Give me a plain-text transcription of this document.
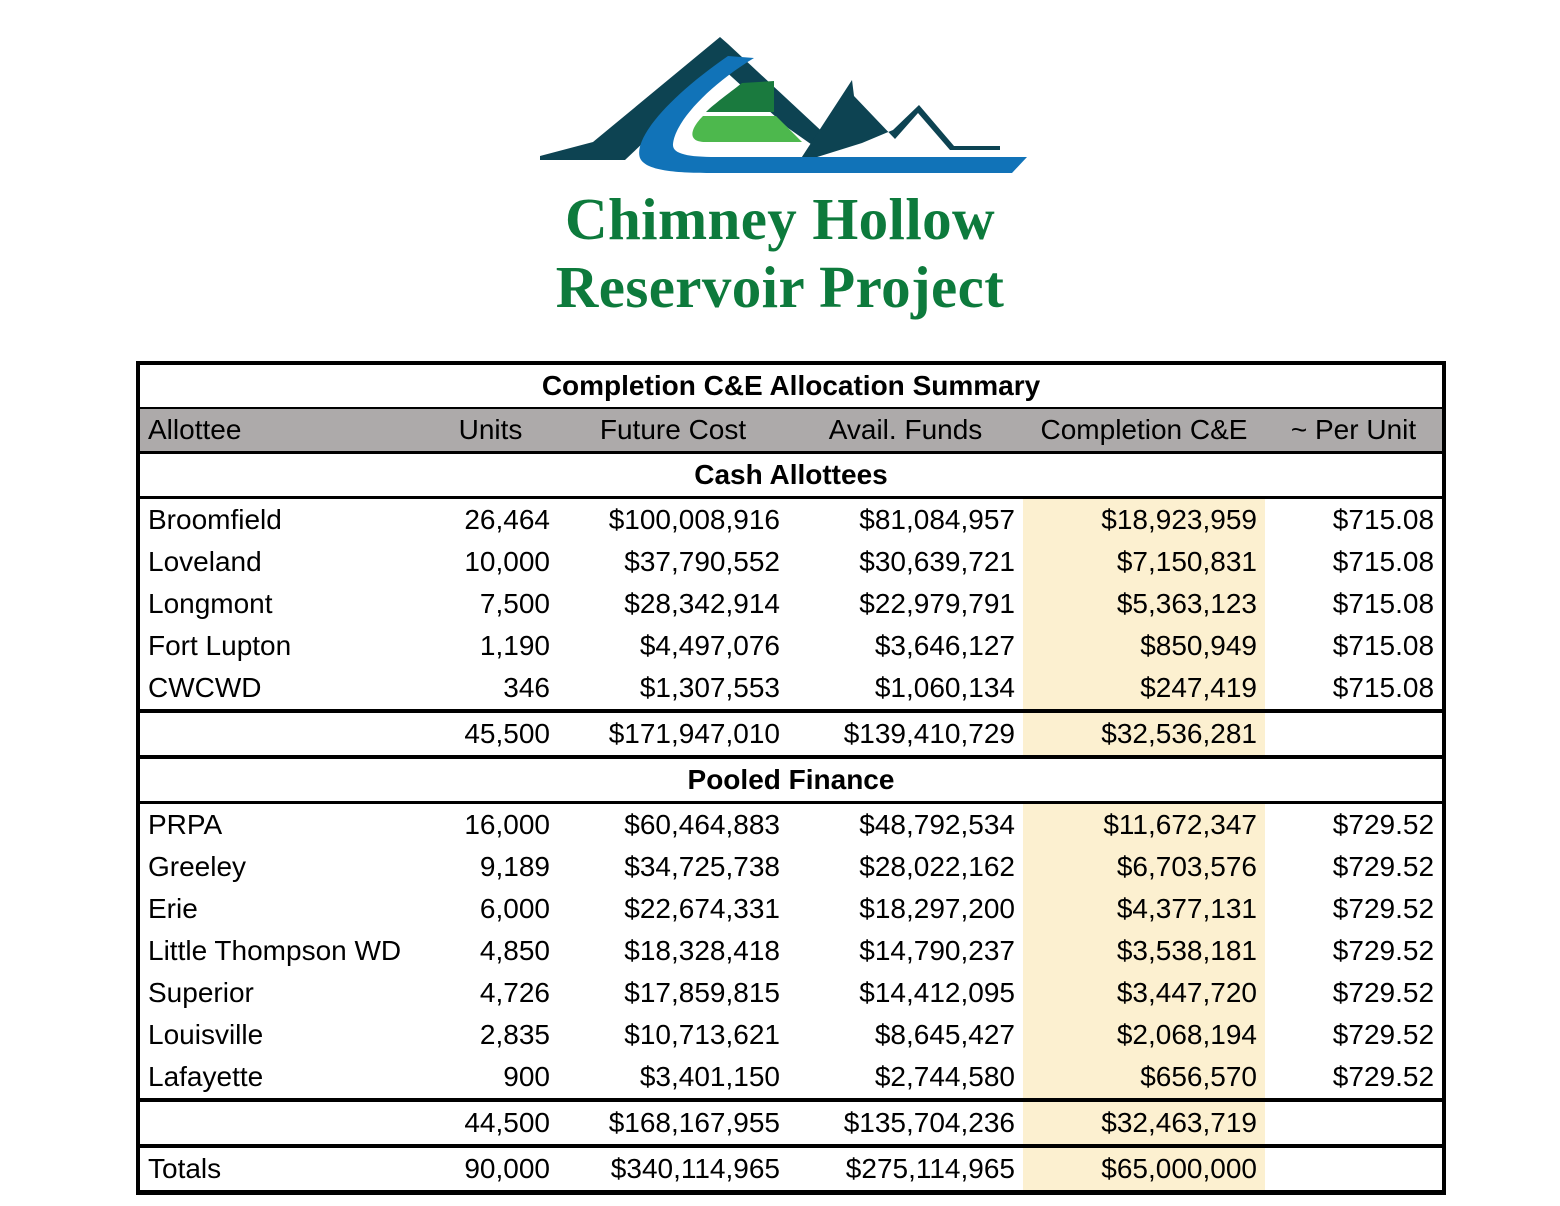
Chimney Hollow
Reservoir Project
Completion C&E Allocation Summary					
Allottee	Units	Future Cost	Avail. Funds	Completion C&E	~ Per Unit
Cash Allottees					
Broomfield	26,464	$100,008,916	$81,084,957	$18,923,959	$715.08
Loveland	10,000	$37,790,552	$30,639,721	$7,150,831	$715.08
Longmont	7,500	$28,342,914	$22,979,791	$5,363,123	$715.08
Fort Lupton	1,190	$4,497,076	$3,646,127	$850,949	$715.08
CWCWD	346	$1,307,553	$1,060,134	$247,419	$715.08
	45,500	$171,947,010	$139,410,729	$32,536,281	
Pooled Finance					
PRPA	16,000	$60,464,883	$48,792,534	$11,672,347	$729.52
Greeley	9,189	$34,725,738	$28,022,162	$6,703,576	$729.52
Erie	6,000	$22,674,331	$18,297,200	$4,377,131	$729.52
Little Thompson WD	4,850	$18,328,418	$14,790,237	$3,538,181	$729.52
Superior	4,726	$17,859,815	$14,412,095	$3,447,720	$729.52
Louisville	2,835	$10,713,621	$8,645,427	$2,068,194	$729.52
Lafayette	900	$3,401,150	$2,744,580	$656,570	$729.52
	44,500	$168,167,955	$135,704,236	$32,463,719	
Totals	90,000	$340,114,965	$275,114,965	$65,000,000	
